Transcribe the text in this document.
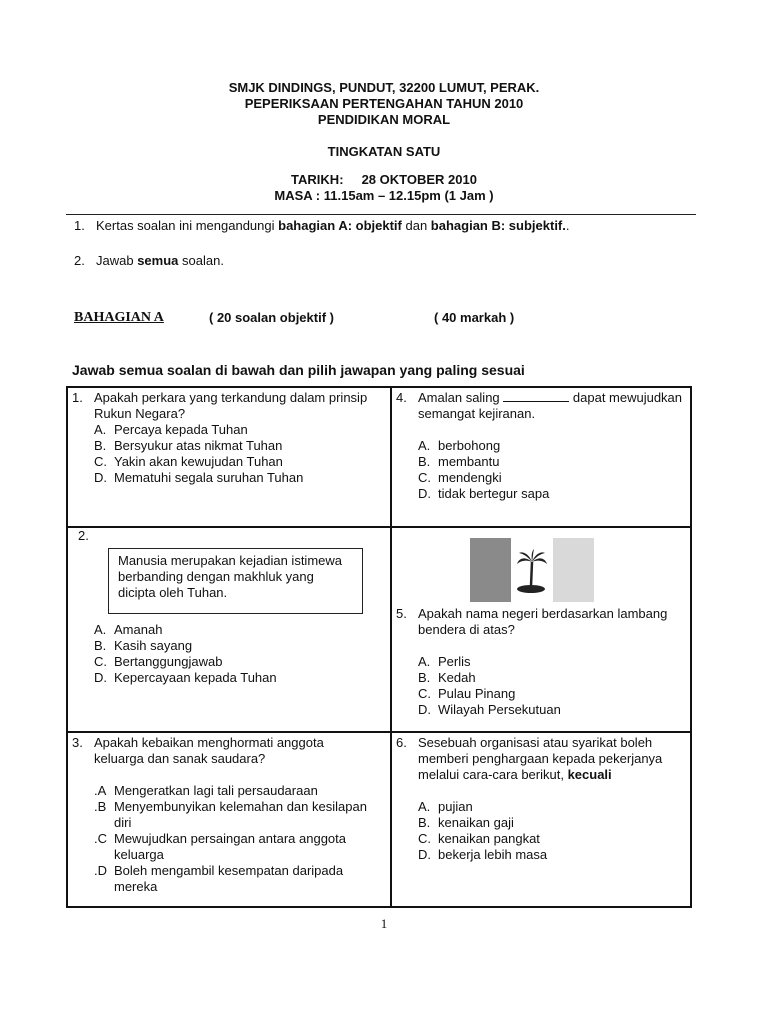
SMJK DINDINGS, PUNDUT, 32200 LUMUT, PERAK.
PEPERIKSAAN PERTENGAHAN TAHUN 2010
PENDIDIKAN MORAL
TINGKATAN SATU
TARIKH:     28 OKTOBER 2010
MASA : 11.15am – 12.15pm (1 Jam )
1. Kertas soalan ini mengandungi bahagian A: objektif dan bahagian B: subjektif..
2. Jawab semua soalan.
BAHAGIAN A	( 20 soalan objektif )	( 40 markah )
Jawab semua soalan di bawah dan pilih jawapan yang paling sesuai
1. Apakah perkara yang terkandung dalam prinsip Rukun Negara?
A. Percaya kepada Tuhan
B. Bersyukur atas nikmat Tuhan
C. Yakin akan kewujudan Tuhan
D. Mematuhi segala suruhan Tuhan
4. Amalan saling	dapat mewujudkan semangat kejiranan.
A. berbohong
B. membantu
C. mendengki
D. tidak bertegur sapa
2.
Manusia merupakan kejadian istimewa berbanding dengan makhluk yang dicipta oleh Tuhan.
A. Amanah
B. Kasih sayang
C. Bertanggungjawab
D. Kepercayaan kepada Tuhan
5. Apakah nama negeri berdasarkan lambang bendera di atas?
A. Perlis
B. Kedah
C. Pulau Pinang
D. Wilayah Persekutuan
3. Apakah kebaikan menghormati anggota keluarga dan sanak saudara?
.A Mengeratkan lagi tali persaudaraan
.B Menyembunyikan kelemahan dan kesilapan diri
.C Mewujudkan persaingan antara anggota keluarga
.D Boleh mengambil kesempatan daripada mereka
6. Sesebuah organisasi atau syarikat boleh memberi penghargaan kepada pekerjanya melalui cara-cara berikut, kecuali
A. pujian
B. kenaikan gaji
C. kenaikan pangkat
D. bekerja lebih masa
1
